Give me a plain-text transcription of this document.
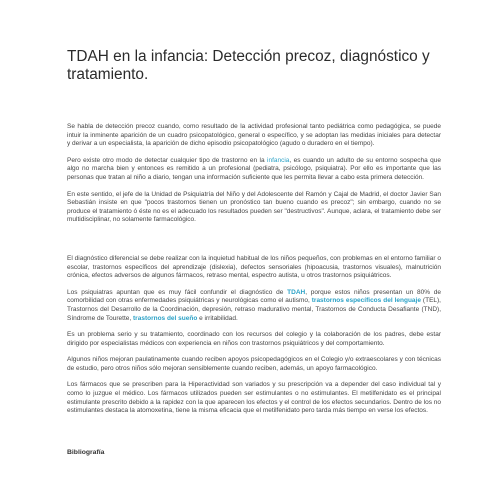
TDAH en la infancia: Detección precoz, diagnóstico y tratamiento.

Se habla de detección precoz cuando, como resultado de la actividad profesional tanto pediátrica como pedagógica, se puede intuir la inminente aparición de un cuadro psicopatológico, general o específico, y se adoptan las medidas iniciales para detectar y derivar a un especialista, la aparición de dicho episodio psicopatológico (agudo o duradero en el tiempo).

Pero existe otro modo de detectar cualquier tipo de trastorno en la infancia, es cuando un adulto de su entorno sospecha que algo no marcha bien y entonces es remitido a un profesional (pediatra, psicólogo, psiquiatra). Por ello es importante que las personas que tratan al niño a diario, tengan una información suficiente que les permita llevar a cabo esta primera detección.

En este sentido, el jefe de la Unidad de Psiquiatría del Niño y del Adolescente del Ramón y Cajal de Madrid, el doctor Javier San Sebastián insiste en que "pocos trastornos tienen un pronóstico tan bueno cuando es precoz"; sin embargo, cuando no se produce el tratamiento ó éste no es el adecuado los resultados pueden ser "destructivos". Aunque, aclara, el tratamiento debe ser multidisciplinar, no solamente farmacológico.

El diagnóstico diferencial se debe realizar con la inquietud habitual de los niños pequeños, con problemas en el entorno familiar o escolar, trastornos específicos del aprendizaje (dislexia), defectos sensoriales (hipoacusia, trastornos visuales), malnutrición crónica, efectos adversos de algunos fármacos, retraso mental, espectro autista, u otros trastornos psiquiátricos.

Los psiquiatras apuntan que es muy fácil confundir el diagnóstico de TDAH, porque estos niños presentan un 80% de comorbilidad con otras enfermedades psiquiátricas y neurológicas como el autismo, trastornos específicos del lenguaje (TEL), Trastornos del Desarrollo de la Coordinación, depresión, retraso madurativo mental, Trastornos de Conducta Desafiante (TND), Síndrome de Tourette, trastornos del sueño e irritabilidad.

Es un problema serio y su tratamiento, coordinado con los recursos del colegio y la colaboración de los padres, debe estar dirigido por especialistas médicos con experiencia en niños con trastornos psiquiátricos y del comportamiento.

Algunos niños mejoran paulatinamente cuando reciben apoyos psicopedagógicos en el Colegio y/o extraescolares y con técnicas de estudio, pero otros niños sólo mejoran sensiblemente cuando reciben, además, un apoyo farmacológico.

Los fármacos que se prescriben para la Hiperactividad son variados y su prescripción va a depender del caso individual tal y como lo juzgue el médico. Los fármacos utilizados pueden ser estimulantes o no estimulantes. El metilfenidato es el principal estimulante prescrito debido a la rapidez con la que aparecen los efectos y el control de los efectos secundarios. Dentro de los no estimulantes destaca la atomoxetina, tiene la misma eficacia que el metilfenidato pero tarda más tiempo en verse los efectos.

Bibliografía
